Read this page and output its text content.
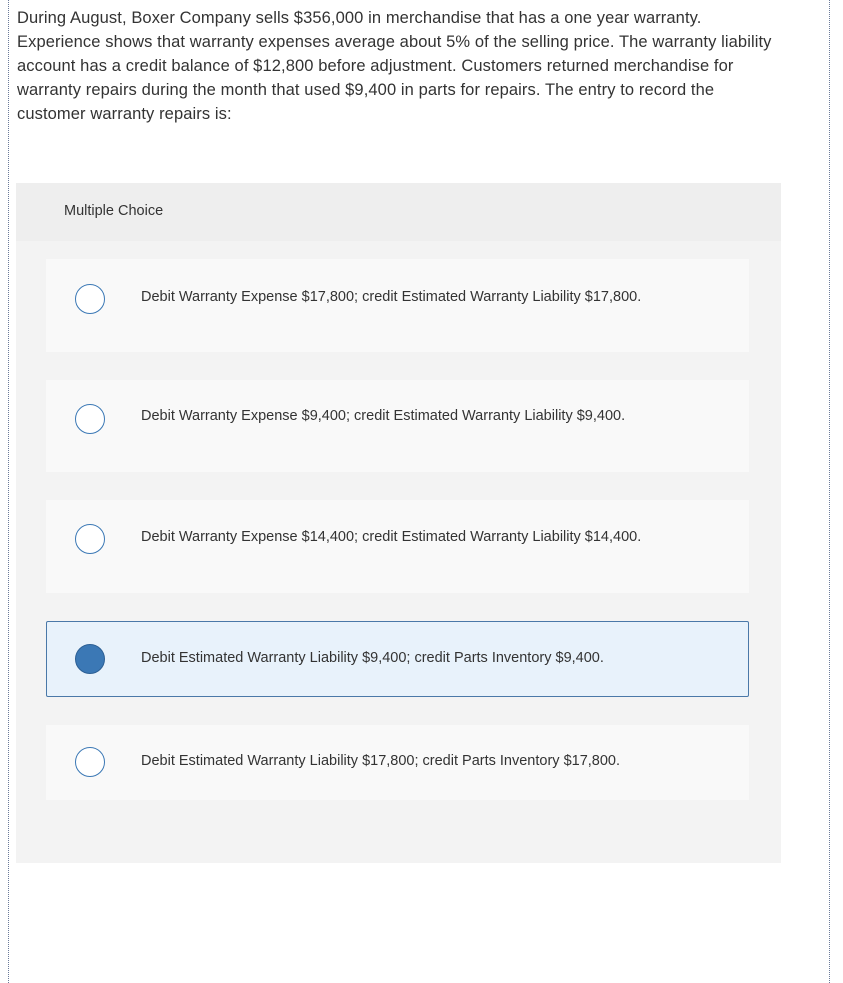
During August, Boxer Company sells $356,000 in merchandise that has a one year warranty. Experience shows that warranty expenses average about 5% of the selling price. The warranty liability account has a credit balance of $12,800 before adjustment. Customers returned merchandise for warranty repairs during the month that used $9,400 in parts for repairs. The entry to record the customer warranty repairs is:
Multiple Choice
Debit Warranty Expense $17,800; credit Estimated Warranty Liability $17,800.
Debit Warranty Expense $9,400; credit Estimated Warranty Liability $9,400.
Debit Warranty Expense $14,400; credit Estimated Warranty Liability $14,400.
Debit Estimated Warranty Liability $9,400; credit Parts Inventory $9,400.
Debit Estimated Warranty Liability $17,800; credit Parts Inventory $17,800.
